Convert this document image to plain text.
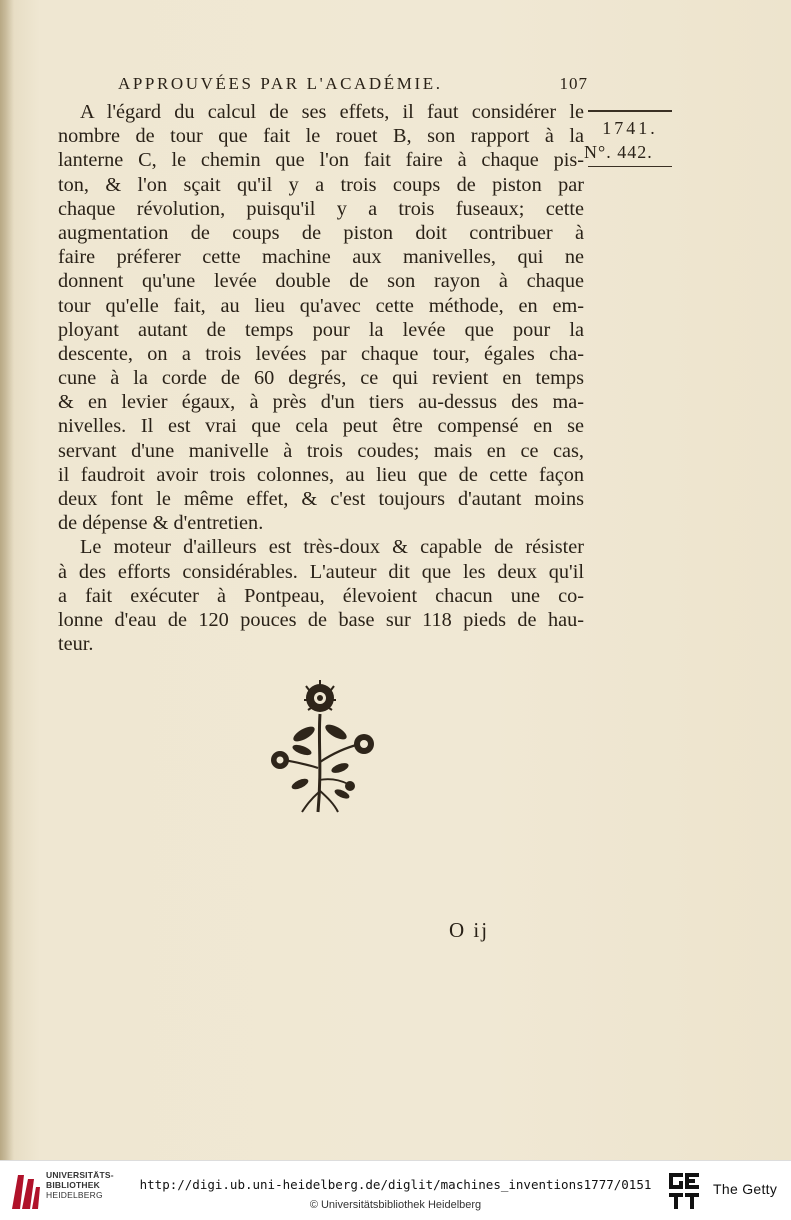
APPROUVÉES PAR L'ACADÉMIE.	107
1741.
N°. 442.
A l'égard du calcul de ses effets, il faut considérer le
nombre de tour que fait le rouet B, son rapport à la
lanterne C, le chemin que l'on fait faire à chaque pis-
ton, & l'on sçait qu'il y a trois coups de piston par
chaque révolution, puisqu'il y a trois fuseaux; cette
augmentation de coups de piston doit contribuer à
faire préferer cette machine aux manivelles, qui ne
donnent qu'une levée double de son rayon à chaque
tour qu'elle fait, au lieu qu'avec cette méthode, en em-
ployant autant de temps pour la levée que pour la
descente, on a trois levées par chaque tour, égales cha-
cune à la corde de 60 degrés, ce qui revient en temps
& en levier égaux, à près d'un tiers au-dessus des ma-
nivelles. Il est vrai que cela peut être compensé en se
servant d'une manivelle à trois coudes; mais en ce cas,
il faudroit avoir trois colonnes, au lieu que de cette façon
deux font le même effet, & c'est toujours d'autant moins
de dépense & d'entretien.
Le moteur d'ailleurs est très-doux & capable de résister
à des efforts considérables. L'auteur dit que les deux qu'il
a fait exécuter à Pontpeau, élevoient chacun une co-
lonne d'eau de 120 pouces de base sur 118 pieds de hau-
teur.
O ij
UNIVERSITÄTS-
BIBLIOTHEK
HEIDELBERG
http://digi.ub.uni-heidelberg.de/diglit/machines_inventions1777/0151
© Universitätsbibliothek Heidelberg
The Getty
